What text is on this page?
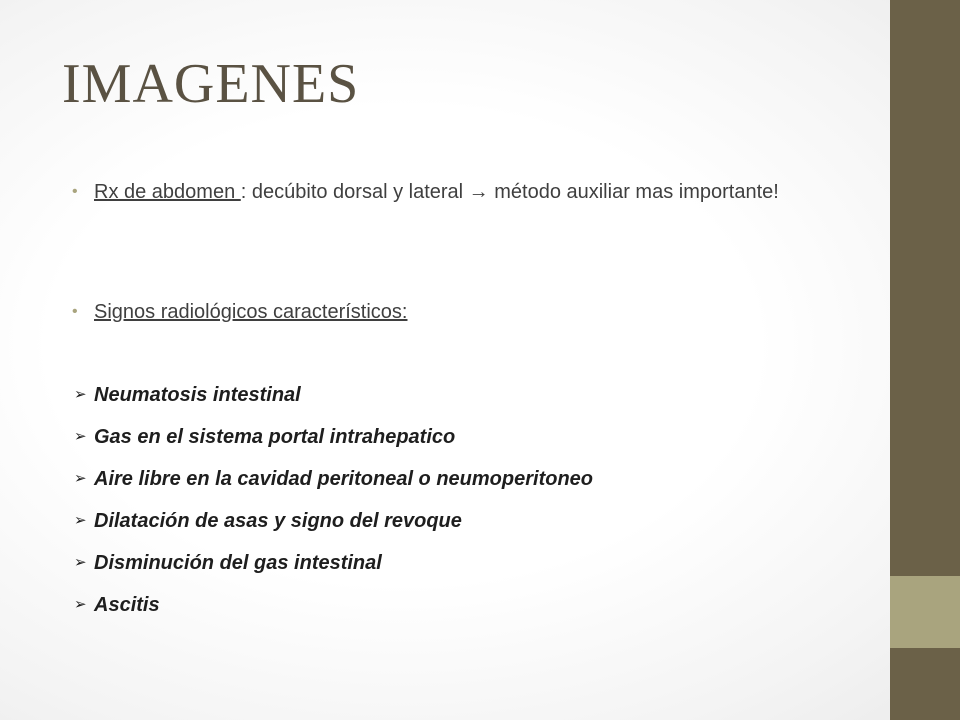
IMAGENES
• Rx de abdomen : decúbito dorsal y lateral → método auxiliar mas importante!
• Signos radiológicos característicos:
➢ Neumatosis intestinal
➢ Gas en el sistema portal intrahepatico
➢ Aire libre en la cavidad peritoneal o neumoperitoneo
➢ Dilatación de asas y signo del revoque
➢ Disminución del gas intestinal
➢ Ascitis
